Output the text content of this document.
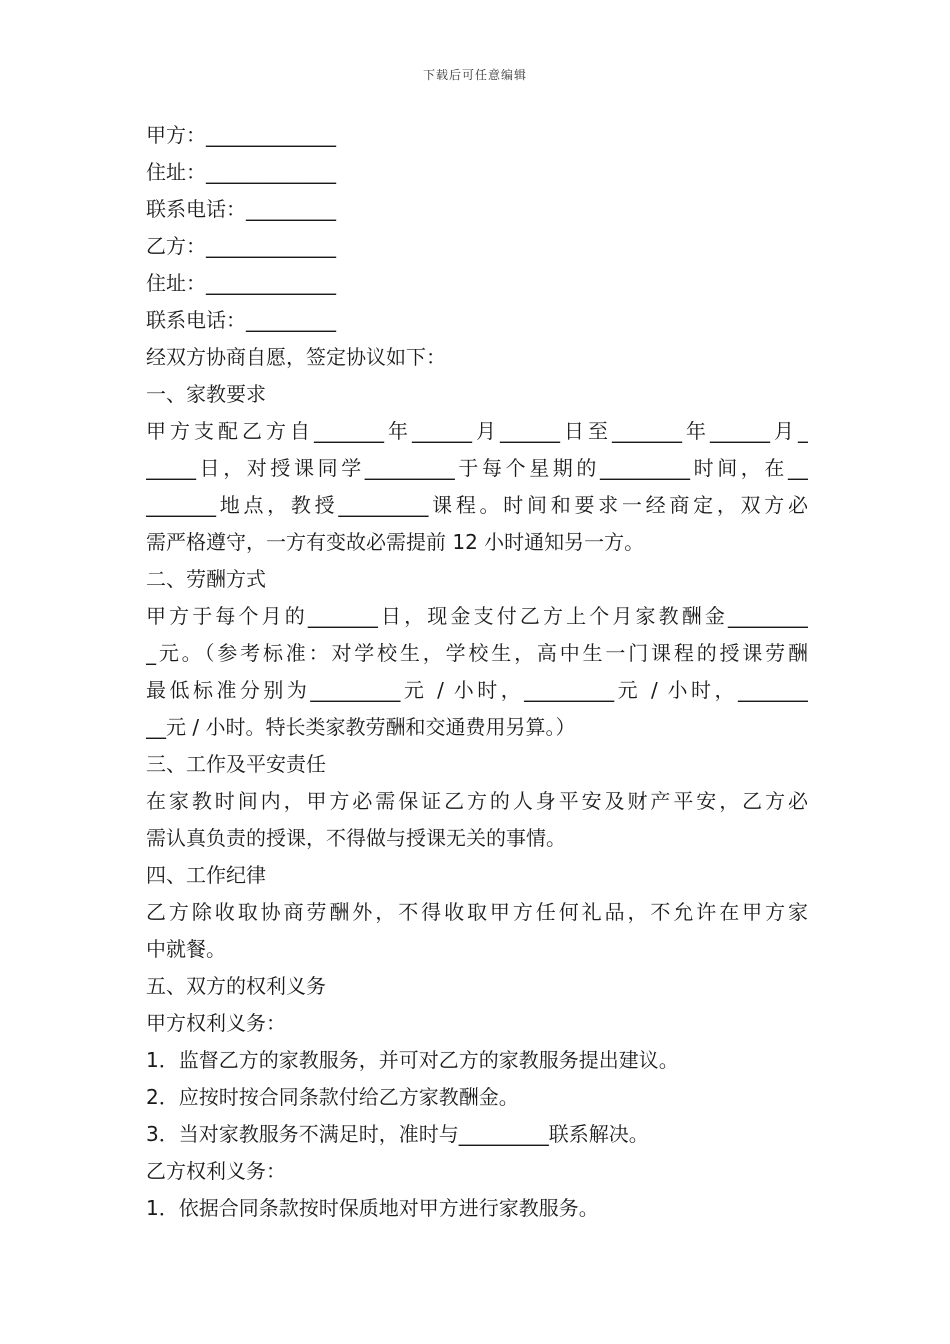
下载后可任意编辑
甲方：_____________
住址：_____________
联系电话：_________
乙方：_____________
住址：_____________
联系电话：_________
经双方协商自愿，签定协议如下：
一、家教要求
甲方支配乙方自_______年______月______日至_______年______月_
_____日，对授课同学_________于每个星期的_________时间，在__
_______地点，教授_________课程。时间和要求一经商定，双方必
需严格遵守，一方有变故必需提前 12 小时通知另一方。
二、劳酬方式
甲方于每个月的_______日，现金支付乙方上个月家教酬金________
_元。（参考标准：对学校生，学校生，高中生一门课程的授课劳酬
最低标准分别为_________元 / 小时，_________元 / 小时，_______
__元 / 小时。特长类家教劳酬和交通费用另算。）
三、工作及平安责任
在家教时间内，甲方必需保证乙方的人身平安及财产平安，乙方必
需认真负责的授课，不得做与授课无关的事情。
四、工作纪律
乙方除收取协商劳酬外，不得收取甲方任何礼品，不允许在甲方家
中就餐。
五、双方的权利义务
甲方权利义务：
1．监督乙方的家教服务，并可对乙方的家教服务提出建议。
2．应按时按合同条款付给乙方家教酬金。
3．当对家教服务不满足时，准时与_________联系解决。
乙方权利义务：
1．依据合同条款按时保质地对甲方进行家教服务。
